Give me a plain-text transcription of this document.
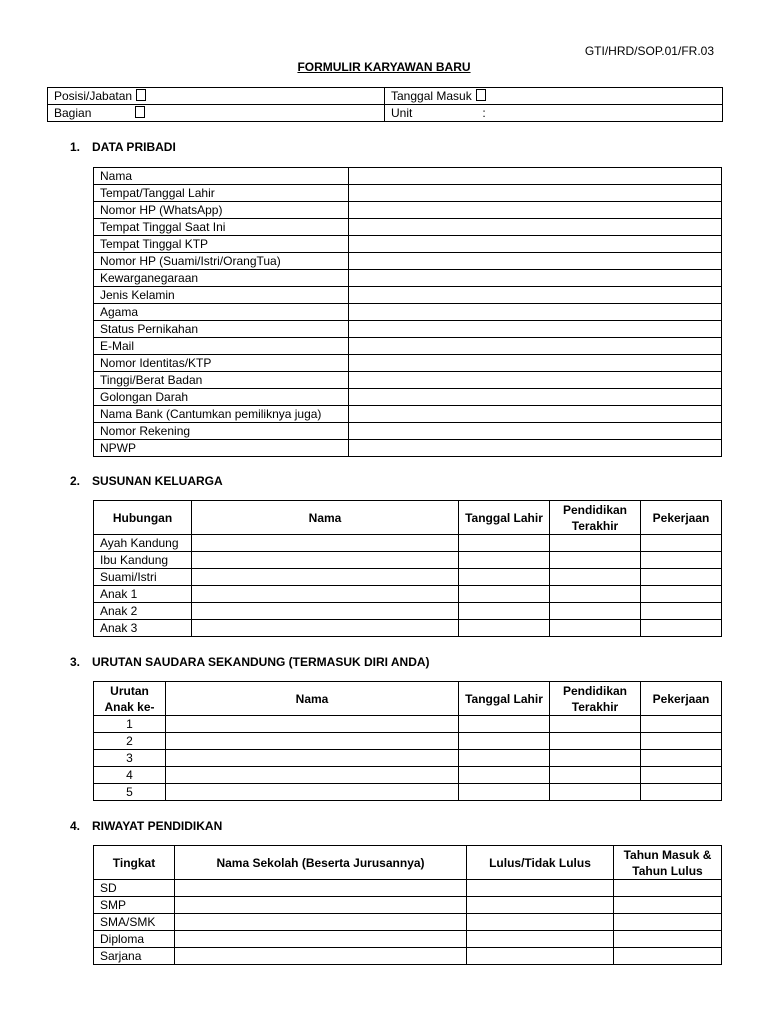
GTI/HRD/SOP.01/FR.03
FORMULIR KARYAWAN BARU
Posisi/Jabatan	Tanggal Masuk
Bagian	Unit :
1. DATA PRIBADI
Nama	
Tempat/Tanggal Lahir	
Nomor HP (WhatsApp)	
Tempat Tinggal Saat Ini	
Tempat Tinggal KTP	
Nomor HP (Suami/Istri/OrangTua)	
Kewarganegaraan	
Jenis Kelamin	
Agama	
Status Pernikahan	
E-Mail	
Nomor Identitas/KTP	
Tinggi/Berat Badan	
Golongan Darah	
Nama Bank (Cantumkan pemiliknya juga)	
Nomor Rekening	
NPWP	
2. SUSUNAN KELUARGA
Hubungan	Nama	Tanggal Lahir	Pendidikan Terakhir	Pekerjaan
Ayah Kandung				
Ibu Kandung				
Suami/Istri				
Anak 1				
Anak 2				
Anak 3				
3. URUTAN SAUDARA SEKANDUNG (TERMASUK DIRI ANDA)
Urutan Anak ke-	Nama	Tanggal Lahir	Pendidikan Terakhir	Pekerjaan
1				
2				
3				
4				
5				
4. RIWAYAT PENDIDIKAN
Tingkat	Nama Sekolah (Beserta Jurusannya)	Lulus/Tidak Lulus	Tahun Masuk & Tahun Lulus
SD			
SMP			
SMA/SMK			
Diploma			
Sarjana			
